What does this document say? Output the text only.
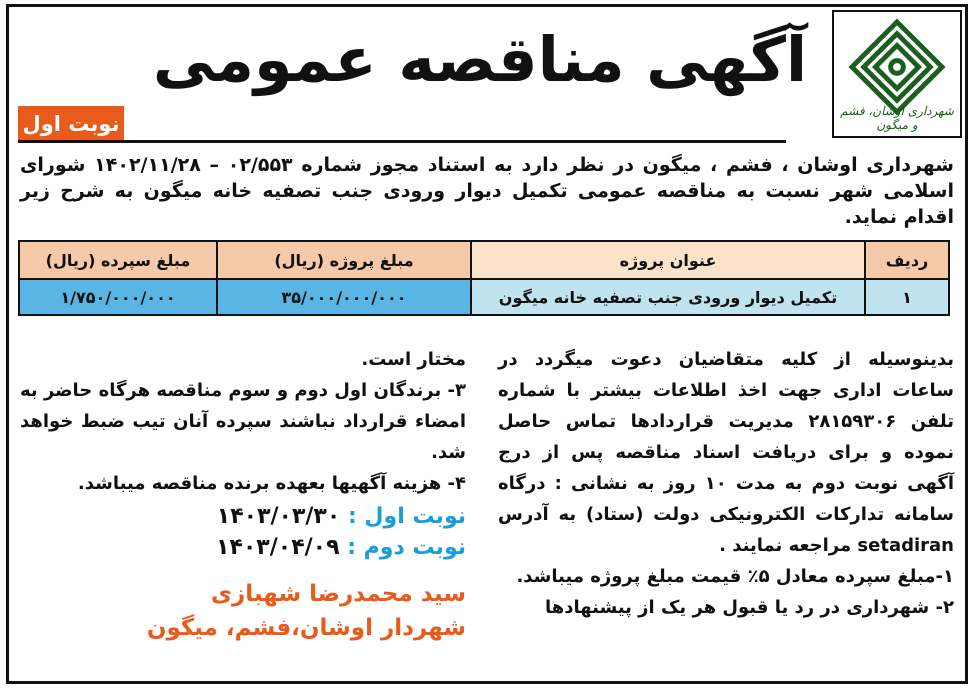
شهرداری اوشان، فشم و میگون
آگهی مناقصه عمومی
نوبت اول
شهرداری اوشان ، فشم ، میگون در نظر دارد به استناد مجوز شماره ۰۲/۵۵۳ – ۱۴۰۲/۱۱/۲۸ شورای اسلامی شهر نسبت به مناقصه عمومی تکمیل دیوار ورودی جنب تصفیه خانه میگون به شرح زیر اقدام نماید.
ردیف	عنوان پروژه	مبلغ پروژه (ریال)	مبلغ سپرده (ریال)
۱	تکمیل دیوار ورودی جنب تصفیه خانه میگون	۳۵/۰۰۰/۰۰۰/۰۰۰	۱/۷۵۰/۰۰۰/۰۰۰

بدینوسیله از کلیه متقاضیان دعوت میگردد در ساعات اداری جهت اخذ اطلاعات بیشتر با شماره تلفن ۲۸۱۵۹۳۰۶ مدیریت قراردادها تماس حاصل نموده و برای دریافت اسناد مناقصه پس از درج آگهی نوبت دوم به مدت ۱۰ روز به نشانی : درگاه سامانه تدارکات الکترونیکی دولت (ستاد) به آدرس setadiran مراجعه نمایند .

۱-مبلغ سپرده معادل ۵٪ قیمت مبلغ پروژه میباشد.

۲- شهرداری در رد یا قبول هر یک از پیشنهادها

مختار است.

۳- برندگان اول دوم و سوم مناقصه هرگاه حاضر به امضاء قرارداد نباشند سپرده آنان تیب ضبط خواهد شد.

۴- هزینه آگهیها بعهده برنده مناقصه میباشد.

نوبت اول : ۱۴۰۳/۰۳/۳۰
نوبت دوم : ۱۴۰۳/۰۴/۰۹
سید محمدرضا شهبازی
شهردار اوشان،فشم، میگون
